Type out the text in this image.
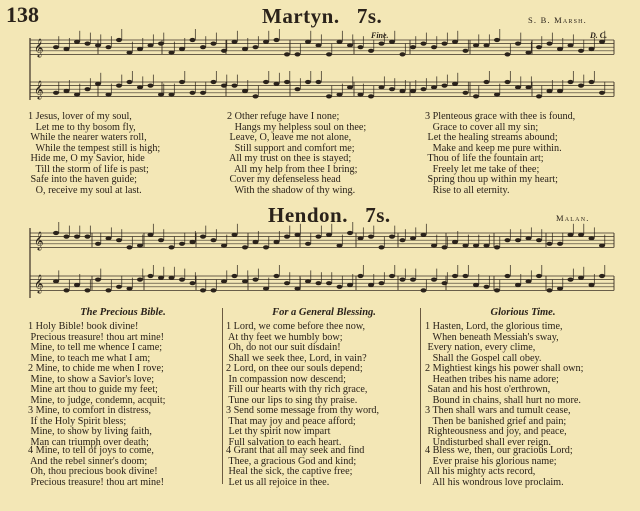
138	Martyn.   7s.	S. B. Marsh.
𝄞
𝄞
Fine.	D. C.
1 Jesus, lover of my soul,
Let me to thy bosom fly,
While the nearer waters roll,
While the tempest still is high;
Hide me, O my Savior, hide
Till the storm of life is past;
Safe into the haven guide;
O, receive my soul at last.
2 Other refuge have I none;
Hangs my helpless soul on thee;
Leave, O, leave me not alone,
Still support and comfort me;
All my trust on thee is stayed;
All my help from thee I bring;
Cover my defenseless head
With the shadow of thy wing.
3 Plenteous grace with thee is found,
Grace to cover all my sin;
Let the healing streams abound;
Make and keep me pure within.
Thou of life the fountain art;
Freely let me take of thee;
Spring thou up within my heart;
Rise to all eternity.
Hendon.   7s.	Malan.
𝄞
𝄞
The Precious Bible.	For a General Blessing.	Glorious Time.
1 Holy Bible! book divine!
Precious treasure! thou art mine!
Mine, to tell me whence I came;
Mine, to teach me what I am;
2 Mine, to chide me when I rove;
Mine, to show a Savior's love;
Mine art thou to guide my feet;
Mine, to judge, condemn, acquit;
3 Mine, to comfort in distress,
If the Holy Spirit bless;
Mine, to show by living faith,
Man can triumph over death;
4 Mine, to tell of joys to come,
And the rebel sinner's doom;
Oh, thou precious book divine!
Precious treasure! thou art mine!
1 Lord, we come before thee now,
At thy feet we humbly bow;
Oh, do not our suit disdain!
Shall we seek thee, Lord, in vain?
2 Lord, on thee our souls depend;
In compassion now descend;
Fill our hearts with thy rich grace,
Tune our lips to sing thy praise.
3 Send some message from thy word,
That may joy and peace afford;
Let thy spirit now impart
Full salvation to each heart.
4 Grant that all may seek and find
Thee, a gracious God and kind;
Heal the sick, the captive free;
Let us all rejoice in thee.
1 Hasten, Lord, the glorious time,
When beneath Messiah's sway,
Every nation, every clime,
Shall the Gospel call obey.
2 Mightiest kings his power shall own;
Heathen tribes his name adore;
Satan and his host o'erthrown,
Bound in chains, shall hurt no more.
3 Then shall wars and tumult cease,
Then be banished grief and pain;
Righteousness and joy, and peace,
Undisturbed shall ever reign.
4 Bless we, then, our gracious Lord;
Ever praise his glorious name;
All his mighty acts record,
All his wondrous love proclaim.
